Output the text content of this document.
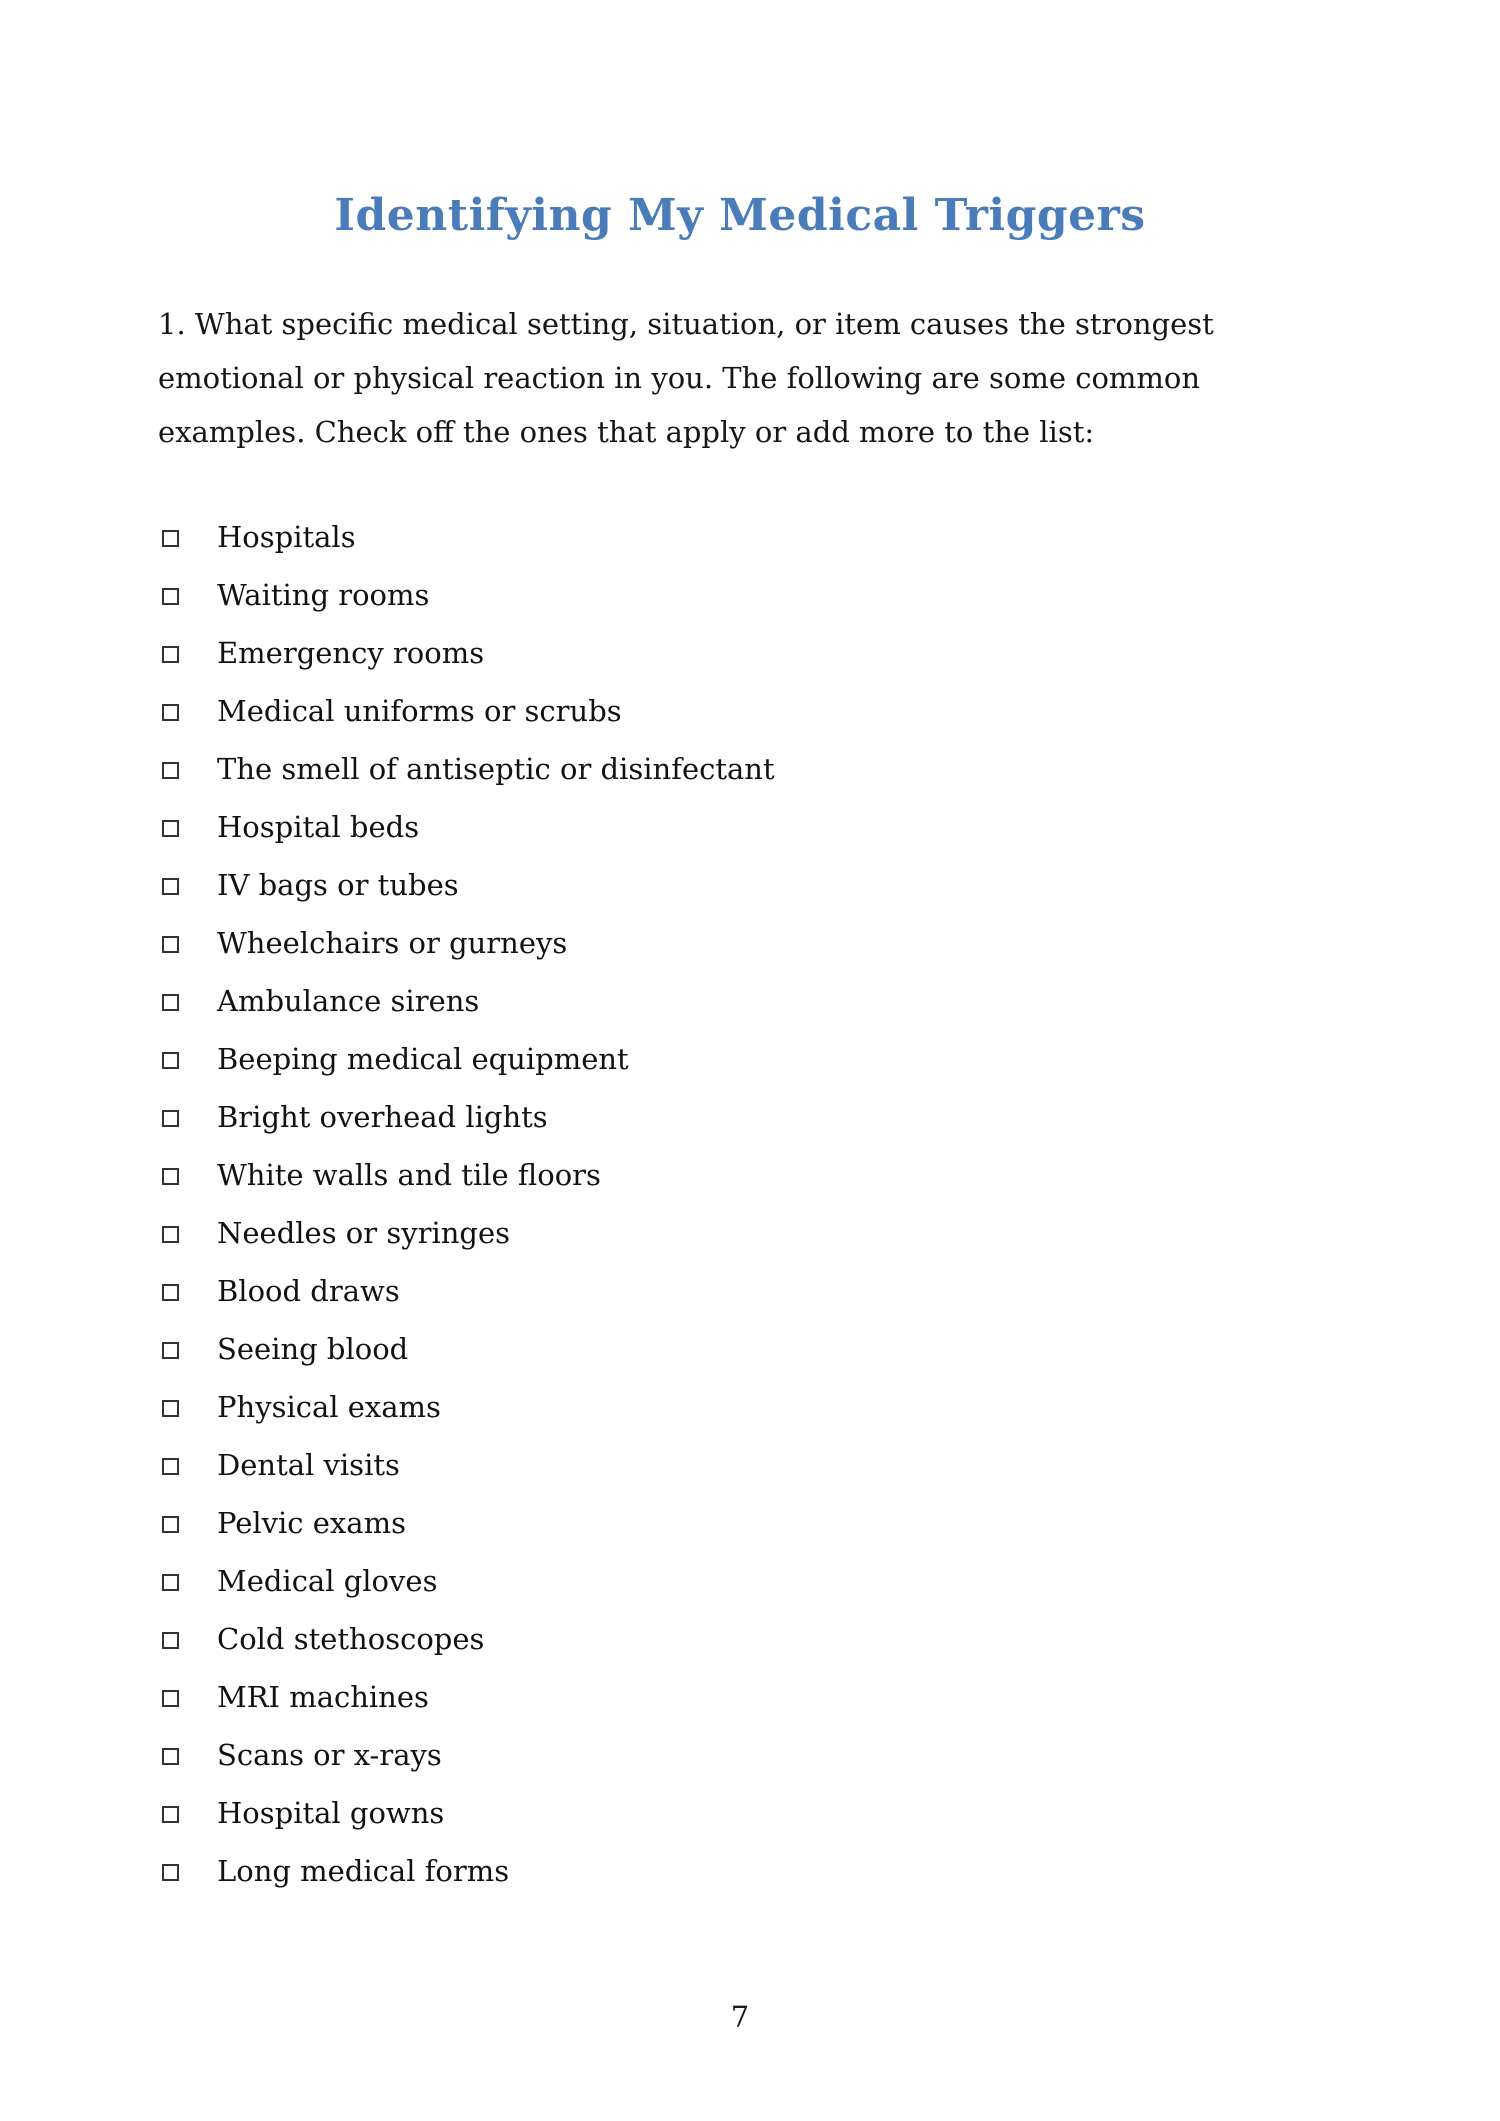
Identifying My Medical Triggers
1. What specific medical setting, situation, or item causes the strongest
emotional or physical reaction in you. The following are some common
examples. Check off the ones that apply or add more to the list:
Hospitals
Waiting rooms
Emergency rooms
Medical uniforms or scrubs
The smell of antiseptic or disinfectant
Hospital beds
IV bags or tubes
Wheelchairs or gurneys
Ambulance sirens
Beeping medical equipment
Bright overhead lights
White walls and tile floors
Needles or syringes
Blood draws
Seeing blood
Physical exams
Dental visits
Pelvic exams
Medical gloves
Cold stethoscopes
MRI machines
Scans or x-rays
Hospital gowns
Long medical forms
7
